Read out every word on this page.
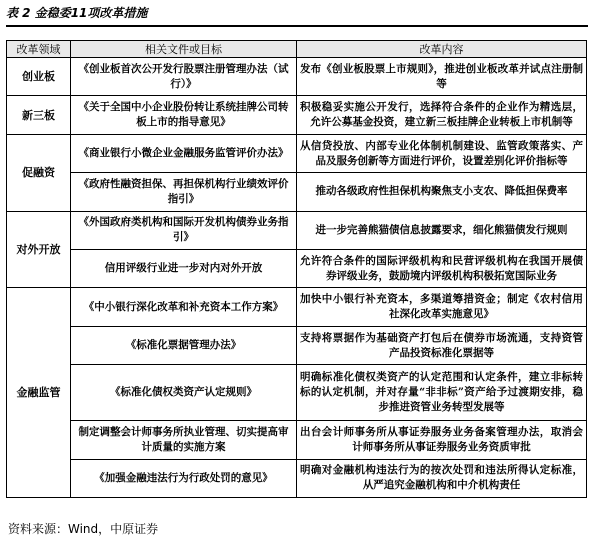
表 2 金稳委11项改革措施
改革领域	相关文件或目标	改革内容
创业板	《创业板首次公开发行股票注册管理办法（试行）》	发布《创业板股票上市规则》，推进创业板改革并试点注册制等
新三板	《关于全国中小企业股份转让系统挂牌公司转板上市的指导意见》	积极稳妥实施公开发行，选择符合条件的企业作为精选层，允许公募基金投资，建立新三板挂牌企业转板上市机制等
促融资	《商业银行小微企业金融服务监管评价办法》	从信贷投放、内部专业化体制机制建设、监管政策落实、产品及服务创新等方面进行评价，设置差别化评价指标等
	《政府性融资担保、再担保机构行业绩效评价指引》	推动各级政府性担保机构聚焦支小支农、降低担保费率
对外开放	《外国政府类机构和国际开发机构债券业务指引》	进一步完善熊猫债信息披露要求，细化熊猫债发行规则
	信用评级行业进一步对内对外开放	允许符合条件的国际评级机构和民营评级机构在我国开展债券评级业务，鼓励境内评级机构积极拓宽国际业务
金融监管	《中小银行深化改革和补充资本工作方案》	加快中小银行补充资本，多渠道筹措资金；制定《农村信用社深化改革实施意见》
	《标准化票据管理办法》	支持将票据作为基础资产打包后在债券市场流通，支持资管产品投资标准化票据等
	《标准化债权类资产认定规则》	明确标准化债权类资产的认定范围和认定条件，建立非标转标的认定机制，并对存量“非非标”资产给予过渡期安排，稳步推进资管业务转型发展等
	制定调整会计师事务所执业管理、切实提高审计质量的实施方案	出台会计师事务所从事证券服务业务备案管理办法，取消会计师事务所从事证券服务业务资质审批
	《加强金融违法行为行政处罚的意见》	明确对金融机构违法行为的按次处罚和违法所得认定标准，从严追究金融机构和中介机构责任
资料来源：Wind，中原证券
